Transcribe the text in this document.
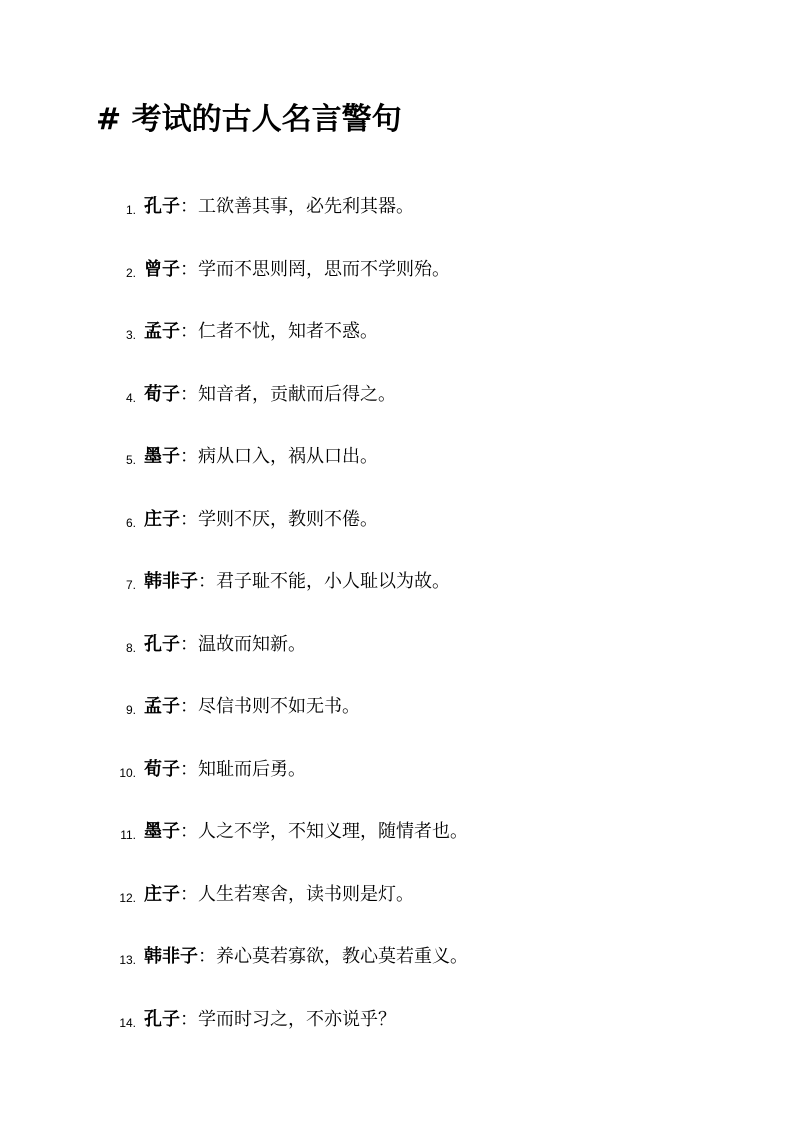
# 考试的古人名言警句
1. 孔子：工欲善其事，必先利其器。
2. 曾子：学而不思则罔，思而不学则殆。
3. 孟子：仁者不忧，知者不惑。
4. 荀子：知音者，贡献而后得之。
5. 墨子：病从口入，祸从口出。
6. 庄子：学则不厌，教则不倦。
7. 韩非子：君子耻不能，小人耻以为故。
8. 孔子：温故而知新。
9. 孟子：尽信书则不如无书。
10. 荀子：知耻而后勇。
11. 墨子：人之不学，不知义理，随情者也。
12. 庄子：人生若寒舍，读书则是灯。
13. 韩非子：养心莫若寡欲，教心莫若重义。
14. 孔子：学而时习之，不亦说乎？
